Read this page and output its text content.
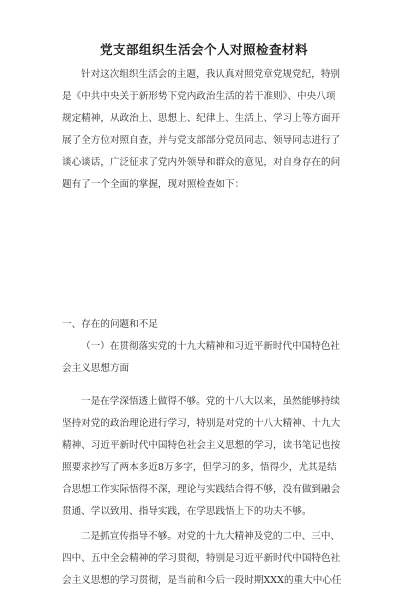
党支部组织生活会个人对照检查材料
针对这次组织生活会的主题，我认真对照党章党规党纪，特别
是《中共中央关于新形势下党内政治生活的若干准则》、中央八项
规定精神，从政治上、思想上、纪律上、生活上、学习上等方面开
展了全方位对照自查，并与党支部部分党员同志、领导同志进行了
谈心谈话，广泛征求了党内外领导和群众的意见，对自身存在的问
题有了一个全面的掌握，现对照检查如下：
一、存在的问题和不足
（一）在贯彻落实党的十九大精神和习近平新时代中国特色社
会主义思想方面
一是在学深悟透上做得不够。党的十八大以来，虽然能够持续
坚持对党的政治理论进行学习，特别是对党的十八大精神、十九大
精神、习近平新时代中国特色社会主义思想的学习，读书笔记也按
照要求抄写了两本多近8万多字，但学习的多，悟得少，尤其是结
合思想工作实际悟得不深，理论与实践结合得不够，没有做到融会
贯通、学以致用、指导实践，在学思践悟上下的功夫不够。
二是抓宣传指导不够。对党的十九大精神及党的二中、三中、
四中、五中全会精神的学习贯彻，特别是习近平新时代中国特色社
会主义思想的学习贯彻，是当前和今后一段时期XXX的重大中心任
